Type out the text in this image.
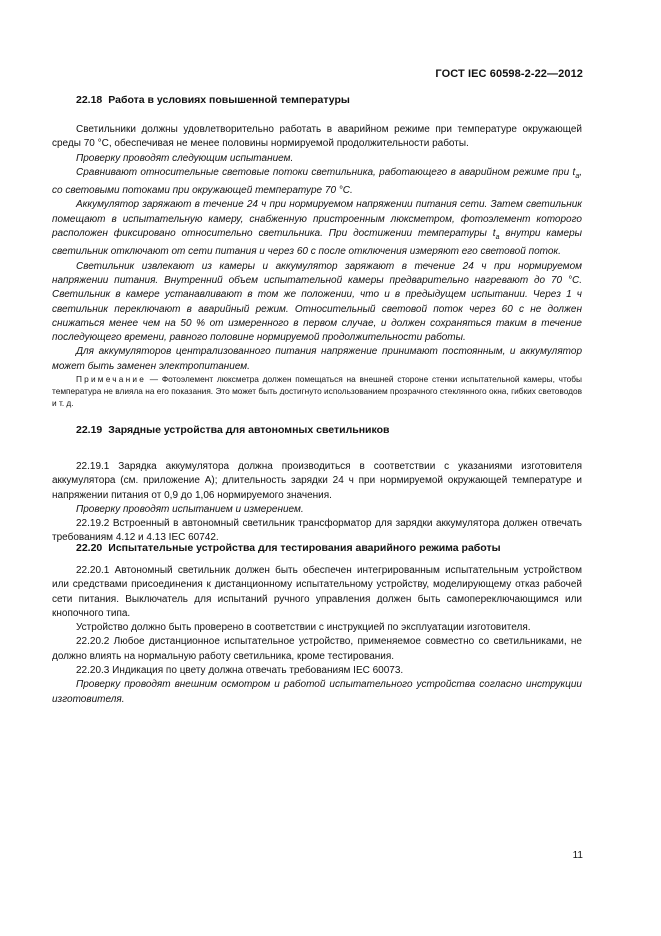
ГОСТ IEC 60598-2-22—2012
22.18 Работа в условиях повышенной температуры

Светильники должны удовлетворительно работать в аварийном режиме при температуре окружающей среды 70 °С, обеспечивая не менее половины нормируемой продолжительности работы.

Проверку проводят следующим испытанием.

Сравнивают относительные световые потоки светильника, работающего в аварийном режиме при $t_a$, со световыми потоками при окружающей температуре 70 °С.

Аккумулятор заряжают в течение 24 ч при нормируемом напряжении питания сети. Затем светильник помещают в испытательную камеру, снабженную пристроенным люксметром, фотоэлемент которого расположен фиксировано относительно светильника. При достижении температуры $t_a$ внутри камеры светильник отключают от сети питания и через 60 с после отключения измеряют его световой поток.

Светильник извлекают из камеры и аккумулятор заряжают в течение 24 ч при нормируемом напряжении питания. Внутренний объем испытательной камеры предварительно нагревают до 70 °С. Светильник в камере устанавливают в том же положении, что и в предыдущем испытании. Через 1 ч светильник переключают в аварийный режим. Относительный световой поток через 60 с не должен снижаться менее чем на 50 % от измеренного в первом случае, и должен сохраняться таким в течение последующего времени, равного половине нормируемой продолжительности работы.

Для аккумуляторов централизованного питания напряжение принимают постоянным, и аккумулятор может быть заменен электропитанием.

Примечание — Фотоэлемент люксметра должен помещаться на внешней стороне стенки испытательной камеры, чтобы температура не влияла на его показания. Это может быть достигнуто использованием прозрачного стеклянного окна, гибких световодов и т. д.

22.19 Зарядные устройства для автономных светильников

22.19.1 Зарядка аккумулятора должна производиться в соответствии с указаниями изготовителя аккумулятора (см. приложение А); длительность зарядки 24 ч при нормируемой окружающей температуре и напряжении питания от 0,9 до 1,06 нормируемого значения.

Проверку проводят испытанием и измерением.

22.19.2 Встроенный в автономный светильник трансформатор для зарядки аккумулятора должен отвечать требованиям 4.12 и 4.13 IEC 60742.

22.20 Испытательные устройства для тестирования аварийного режима работы

22.20.1 Автономный светильник должен быть обеспечен интегрированным испытательным устройством или средствами присоединения к дистанционному испытательному устройству, моделирующему отказ рабочей сети питания. Выключатель для испытаний ручного управления должен быть самопереключающимся или кнопочного типа.

Устройство должно быть проверено в соответствии с инструкцией по эксплуатации изготовителя.

22.20.2 Любое дистанционное испытательное устройство, применяемое совместно со светильниками, не должно влиять на нормальную работу светильника, кроме тестирования.

22.20.3 Индикация по цвету должна отвечать требованиям IEC 60073.

Проверку проводят внешним осмотром и работой испытательного устройства согласно инструкции изготовителя.

11
